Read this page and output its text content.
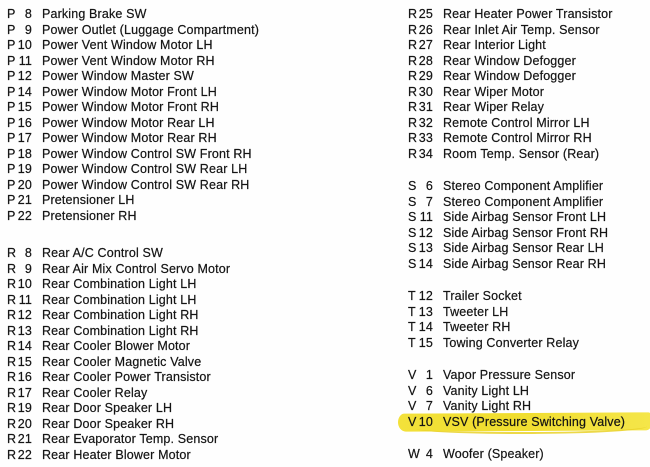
P 8 Parking Brake SW
P 9 Power Outlet (Luggage Compartment)
P 10 Power Vent Window Motor LH
P 11 Power Vent Window Motor RH
P 12 Power Window Master SW
P 14 Power Window Motor Front LH
P 15 Power Window Motor Front RH
P 16 Power Window Motor Rear LH
P 17 Power Window Motor Rear RH
P 18 Power Window Control SW Front RH
P 19 Power Window Control SW Rear LH
P 20 Power Window Control SW Rear RH
P 21 Pretensioner LH
P 22 Pretensioner RH
R 8 Rear A/C Control SW
R 9 Rear Air Mix Control Servo Motor
R 10 Rear Combination Light LH
R 11 Rear Combination Light LH
R 12 Rear Combination Light RH
R 13 Rear Combination Light RH
R 14 Rear Cooler Blower Motor
R 15 Rear Cooler Magnetic Valve
R 16 Rear Cooler Power Transistor
R 17 Rear Cooler Relay
R 19 Rear Door Speaker LH
R 20 Rear Door Speaker RH
R 21 Rear Evaporator Temp. Sensor
R 22 Rear Heater Blower Motor
R 25 Rear Heater Power Transistor
R 26 Rear Inlet Air Temp. Sensor
R 27 Rear Interior Light
R 28 Rear Window Defogger
R 29 Rear Window Defogger
R 30 Rear Wiper Motor
R 31 Rear Wiper Relay
R 32 Remote Control Mirror LH
R 33 Remote Control Mirror RH
R 34 Room Temp. Sensor (Rear)
S 6 Stereo Component Amplifier
S 7 Stereo Component Amplifier
S 11 Side Airbag Sensor Front LH
S 12 Side Airbag Sensor Front RH
S 13 Side Airbag Sensor Rear LH
S 14 Side Airbag Sensor Rear RH
T 12 Trailer Socket
T 13 Tweeter LH
T 14 Tweeter RH
T 15 Towing Converter Relay
V 1 Vapor Pressure Sensor
V 6 Vanity Light LH
V 7 Vanity Light RH
V 10 VSV (Pressure Switching Valve)
W 4 Woofer (Speaker)
